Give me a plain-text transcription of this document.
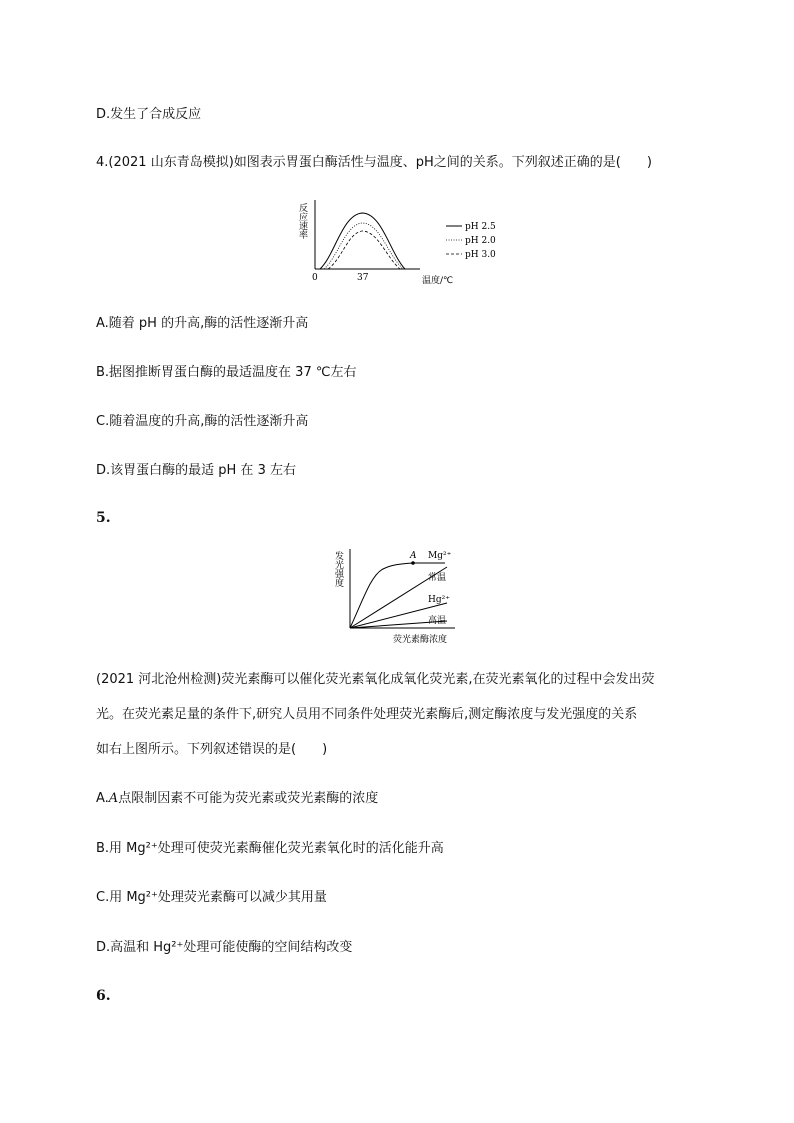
D.发生了合成反应
4.(2021 山东青岛模拟)如图表示胃蛋白酶活性与温度、pH之间的关系。下列叙述正确的是(　　)
反应速率
0	37	温度/℃
pH 2.5
pH 2.0
pH 3.0
A.随着 pH 的升高,酶的活性逐渐升高
B.据图推断胃蛋白酶的最适温度在 37 ℃左右
C.随着温度的升高,酶的活性逐渐升高
D.该胃蛋白酶的最适 pH 在 3 左右
5.
发光强度	A Mg²⁺
常温
Hg²⁺
高温
荧光素酶浓度
(2021 河北沧州检测)荧光素酶可以催化荧光素氧化成氧化荧光素,在荧光素氧化的过程中会发出荧
光。在荧光素足量的条件下,研究人员用不同条件处理荧光素酶后,测定酶浓度与发光强度的关系
如右上图所示。下列叙述错误的是(　　)
A.A点限制因素不可能为荧光素或荧光素酶的浓度
B.用 Mg²⁺处理可使荧光素酶催化荧光素氧化时的活化能升高
C.用 Mg²⁺处理荧光素酶可以减少其用量
D.高温和 Hg²⁺处理可能使酶的空间结构改变
6.
